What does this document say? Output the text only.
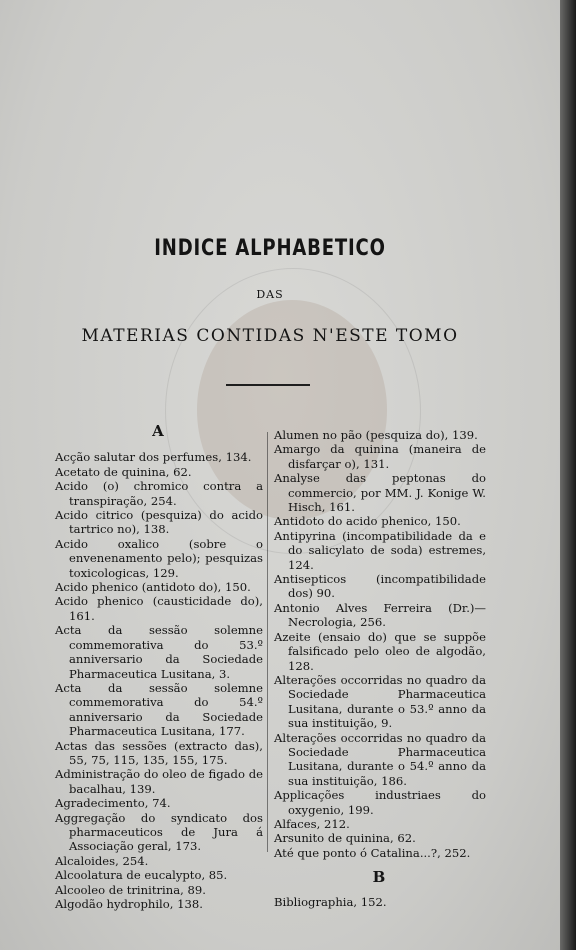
INDICE ALPHABETICO
DAS
MATERIAS CONTIDAS N'ESTE TOMO
A
Acção salutar dos perfumes, 134.
Acetato de quinina, 62.
Acido (o) chromico contra a transpiração, 254.
Acido citrico (pesquiza) do acido tartrico no), 138.
Acido oxalico (sobre o envenenamento pelo); pesquizas toxicologicas, 129.
Acido phenico (antidoto do), 150.
Acido phenico (causticidade do), 161.
Acta da sessão solemne commemorativa do 53.º anniversario da Sociedade Pharmaceutica Lusitana, 3.
Acta da sessão solemne commemorativa do 54.º anniversario da Sociedade Pharmaceutica Lusitana, 177.
Actas das sessões (extracto das), 55, 75, 115, 135, 155, 175.
Administração do oleo de figado de bacalhau, 139.
Agradecimento, 74.
Aggregação do syndicato dos pharmaceuticos de Jura á Associação geral, 173.
Alcaloides, 254.
Alcoolatura de eucalypto, 85.
Alcooleo de trinitrina, 89.
Algodão hydrophilo, 138.
Alumen no pão (pesquiza do), 139.
Amargo da quinina (maneira de disfarçar o), 131.
Analyse das peptonas do commercio, por MM. J. Konige W. Hisch, 161.
Antidoto do acido phenico, 150.
Antipyrina (incompatibilidade da e do salicylato de soda) estremes, 124.
Antisepticos (incompatibilidade dos) 90.
Antonio Alves Ferreira (Dr.)—Necrologia, 256.
Azeite (ensaio do) que se suppõe falsificado pelo oleo de algodão, 128.
Alterações occorridas no quadro da Sociedade Pharmaceutica Lusitana, durante o 53.º anno da sua instituição, 9.
Alterações occorridas no quadro da Sociedade Pharmaceutica Lusitana, durante o 54.º anno da sua instituição, 186.
Applicações industriaes do oxygenio, 199.
Alfaces, 212.
Arsunito de quinina, 62.
Até que ponto ó Catalina...?, 252.
B
Bibliographia, 152.
